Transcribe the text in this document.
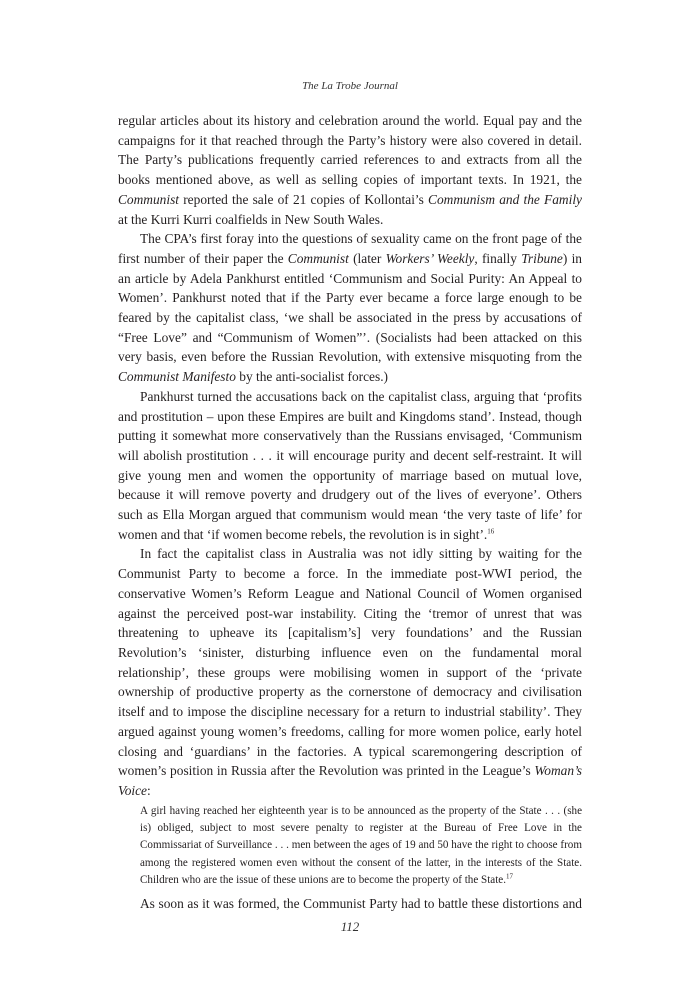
The La Trobe Journal

regular articles about its history and celebration around the world. Equal pay and the campaigns for it that reached through the Party’s history were also covered in detail. The Party’s publications frequently carried references to and extracts from all the books mentioned above, as well as selling copies of important texts. In 1921, the Communist reported the sale of 21 copies of Kollontai’s Communism and the Family at the Kurri Kurri coalfields in New South Wales.

The CPA’s first foray into the questions of sexuality came on the front page of the first number of their paper the Communist (later Workers’ Weekly, finally Tribune) in an article by Adela Pankhurst entitled ‘Communism and Social Purity: An Appeal to Women’. Pankhurst noted that if the Party ever became a force large enough to be feared by the capitalist class, ‘we shall be associated in the press by accusations of “Free Love” and “Communism of Women”’. (Socialists had been attacked on this very basis, even before the Russian Revolution, with extensive misquoting from the Communist Manifesto by the anti-socialist forces.)

Pankhurst turned the accusations back on the capitalist class, arguing that ‘profits and prostitution – upon these Empires are built and Kingdoms stand’. Instead, though putting it somewhat more conservatively than the Russians envisaged, ‘Communism will abolish prostitution . . . it will encourage purity and decent self-restraint. It will give young men and women the opportunity of marriage based on mutual love, because it will remove poverty and drudgery out of the lives of everyone’. Others such as Ella Morgan argued that communism would mean ‘the very taste of life’ for women and that ‘if women become rebels, the revolution is in sight’.$^{16}$

In fact the capitalist class in Australia was not idly sitting by waiting for the Communist Party to become a force. In the immediate post-WWI period, the conservative Women’s Reform League and National Council of Women organised against the perceived post-war instability. Citing the ‘tremor of unrest that was threatening to upheave its [capitalism’s] very foundations’ and the Russian Revolution’s ‘sinister, disturbing influence even on the fundamental moral relationship’, these groups were mobilising women in support of the ‘private ownership of productive property as the cornerstone of democracy and civilisation itself and to impose the discipline necessary for a return to industrial stability’. They argued against young women’s freedoms, calling for more women police, early hotel closing and ‘guardians’ in the factories. A typical scaremongering description of women’s position in Russia after the Revolution was printed in the League’s Woman’s Voice:

A girl having reached her eighteenth year is to be announced as the property of the State . . . (she is) obliged, subject to most severe penalty to register at the Bureau of Free Love in the Commissariat of Surveillance . . . men between the ages of 19 and 50 have the right to choose from among the registered women even without the consent of the latter, in the interests of the State. Children who are the issue of these unions are to become the property of the State.$^{17}$

As soon as it was formed, the Communist Party had to battle these distortions and

112
